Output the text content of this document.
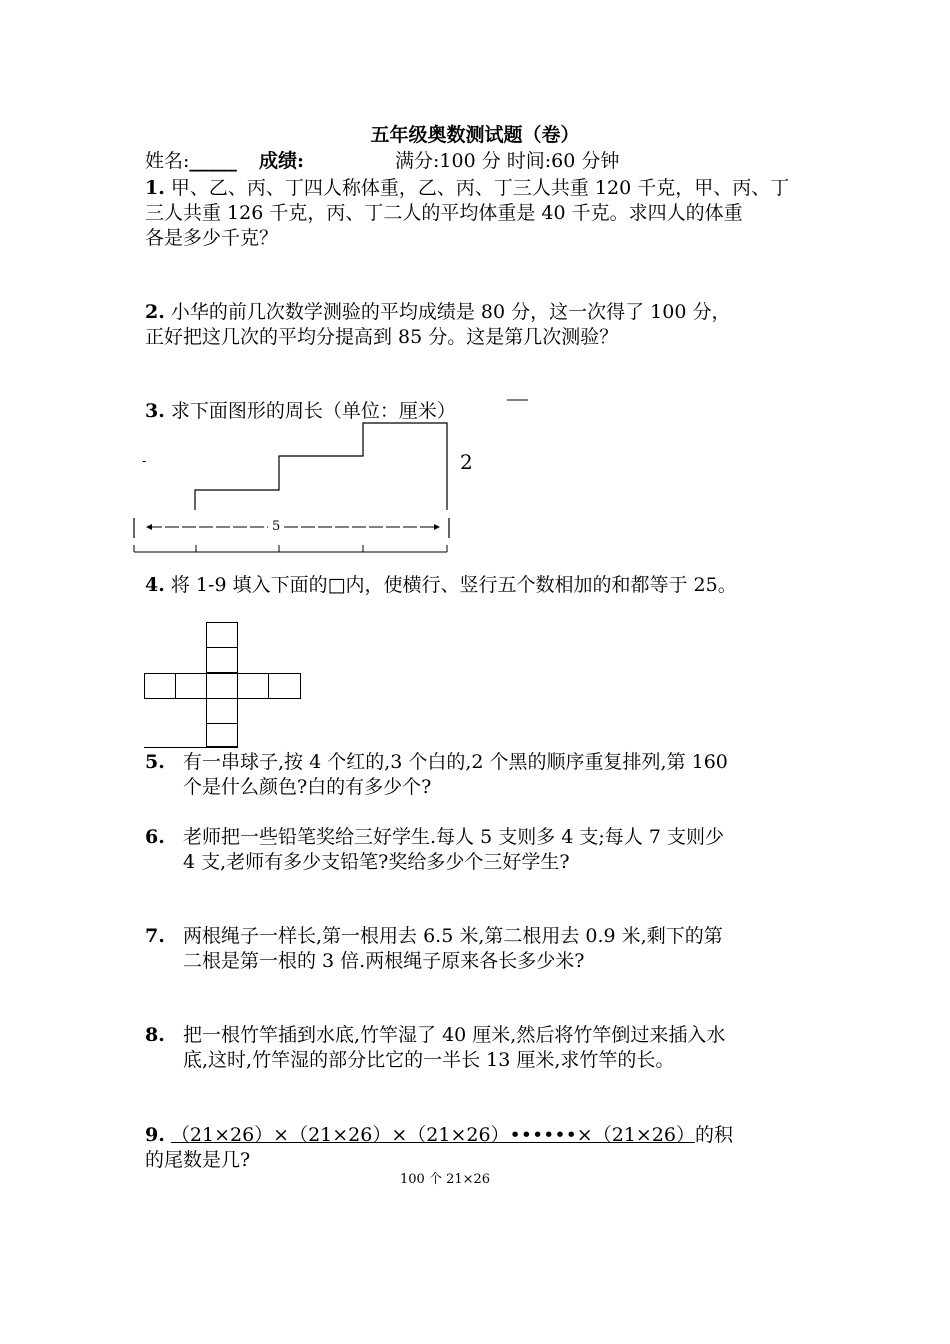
五年级奥数测试题（卷）
姓名:_____ 成绩:	满分:100 分 时间:60 分钟
1. 甲、乙、丙、丁四人称体重，乙、丙、丁三人共重 120 千克，甲、丙、丁
三人共重 126 千克，丙、丁二人的平均体重是 40 千克。求四人的体重
各是多少千克？
2. 小华的前几次数学测验的平均成绩是 80 分，这一次得了 100 分，
正好把这几次的平均分提高到 85 分。这是第几次测验？
3. 求下面图形的周长（单位：厘米）
-	2
5
4. 将 1-9 填入下面的□内，使横行、竖行五个数相加的和都等于 25。
5. 有一串球子,按 4 个红的,3 个白的,2 个黑的顺序重复排列,第 160
个是什么颜色?白的有多少个?
6. 老师把一些铅笔奖给三好学生.每人 5 支则多 4 支;每人 7 支则少
4 支,老师有多少支铅笔?奖给多少个三好学生?
7. 两根绳子一样长,第一根用去 6.5 米,第二根用去 0.9 米,剩下的第
二根是第一根的 3 倍.两根绳子原来各长多少米?
8. 把一根竹竿插到水底,竹竿湿了 40 厘米,然后将竹竿倒过来插入水
底,这时,竹竿湿的部分比它的一半长 13 厘米,求竹竿的长。
9. （21×26）×（21×26）×（21×26）••••••×（21×26）的积
的尾数是几?
100 个 21×26
